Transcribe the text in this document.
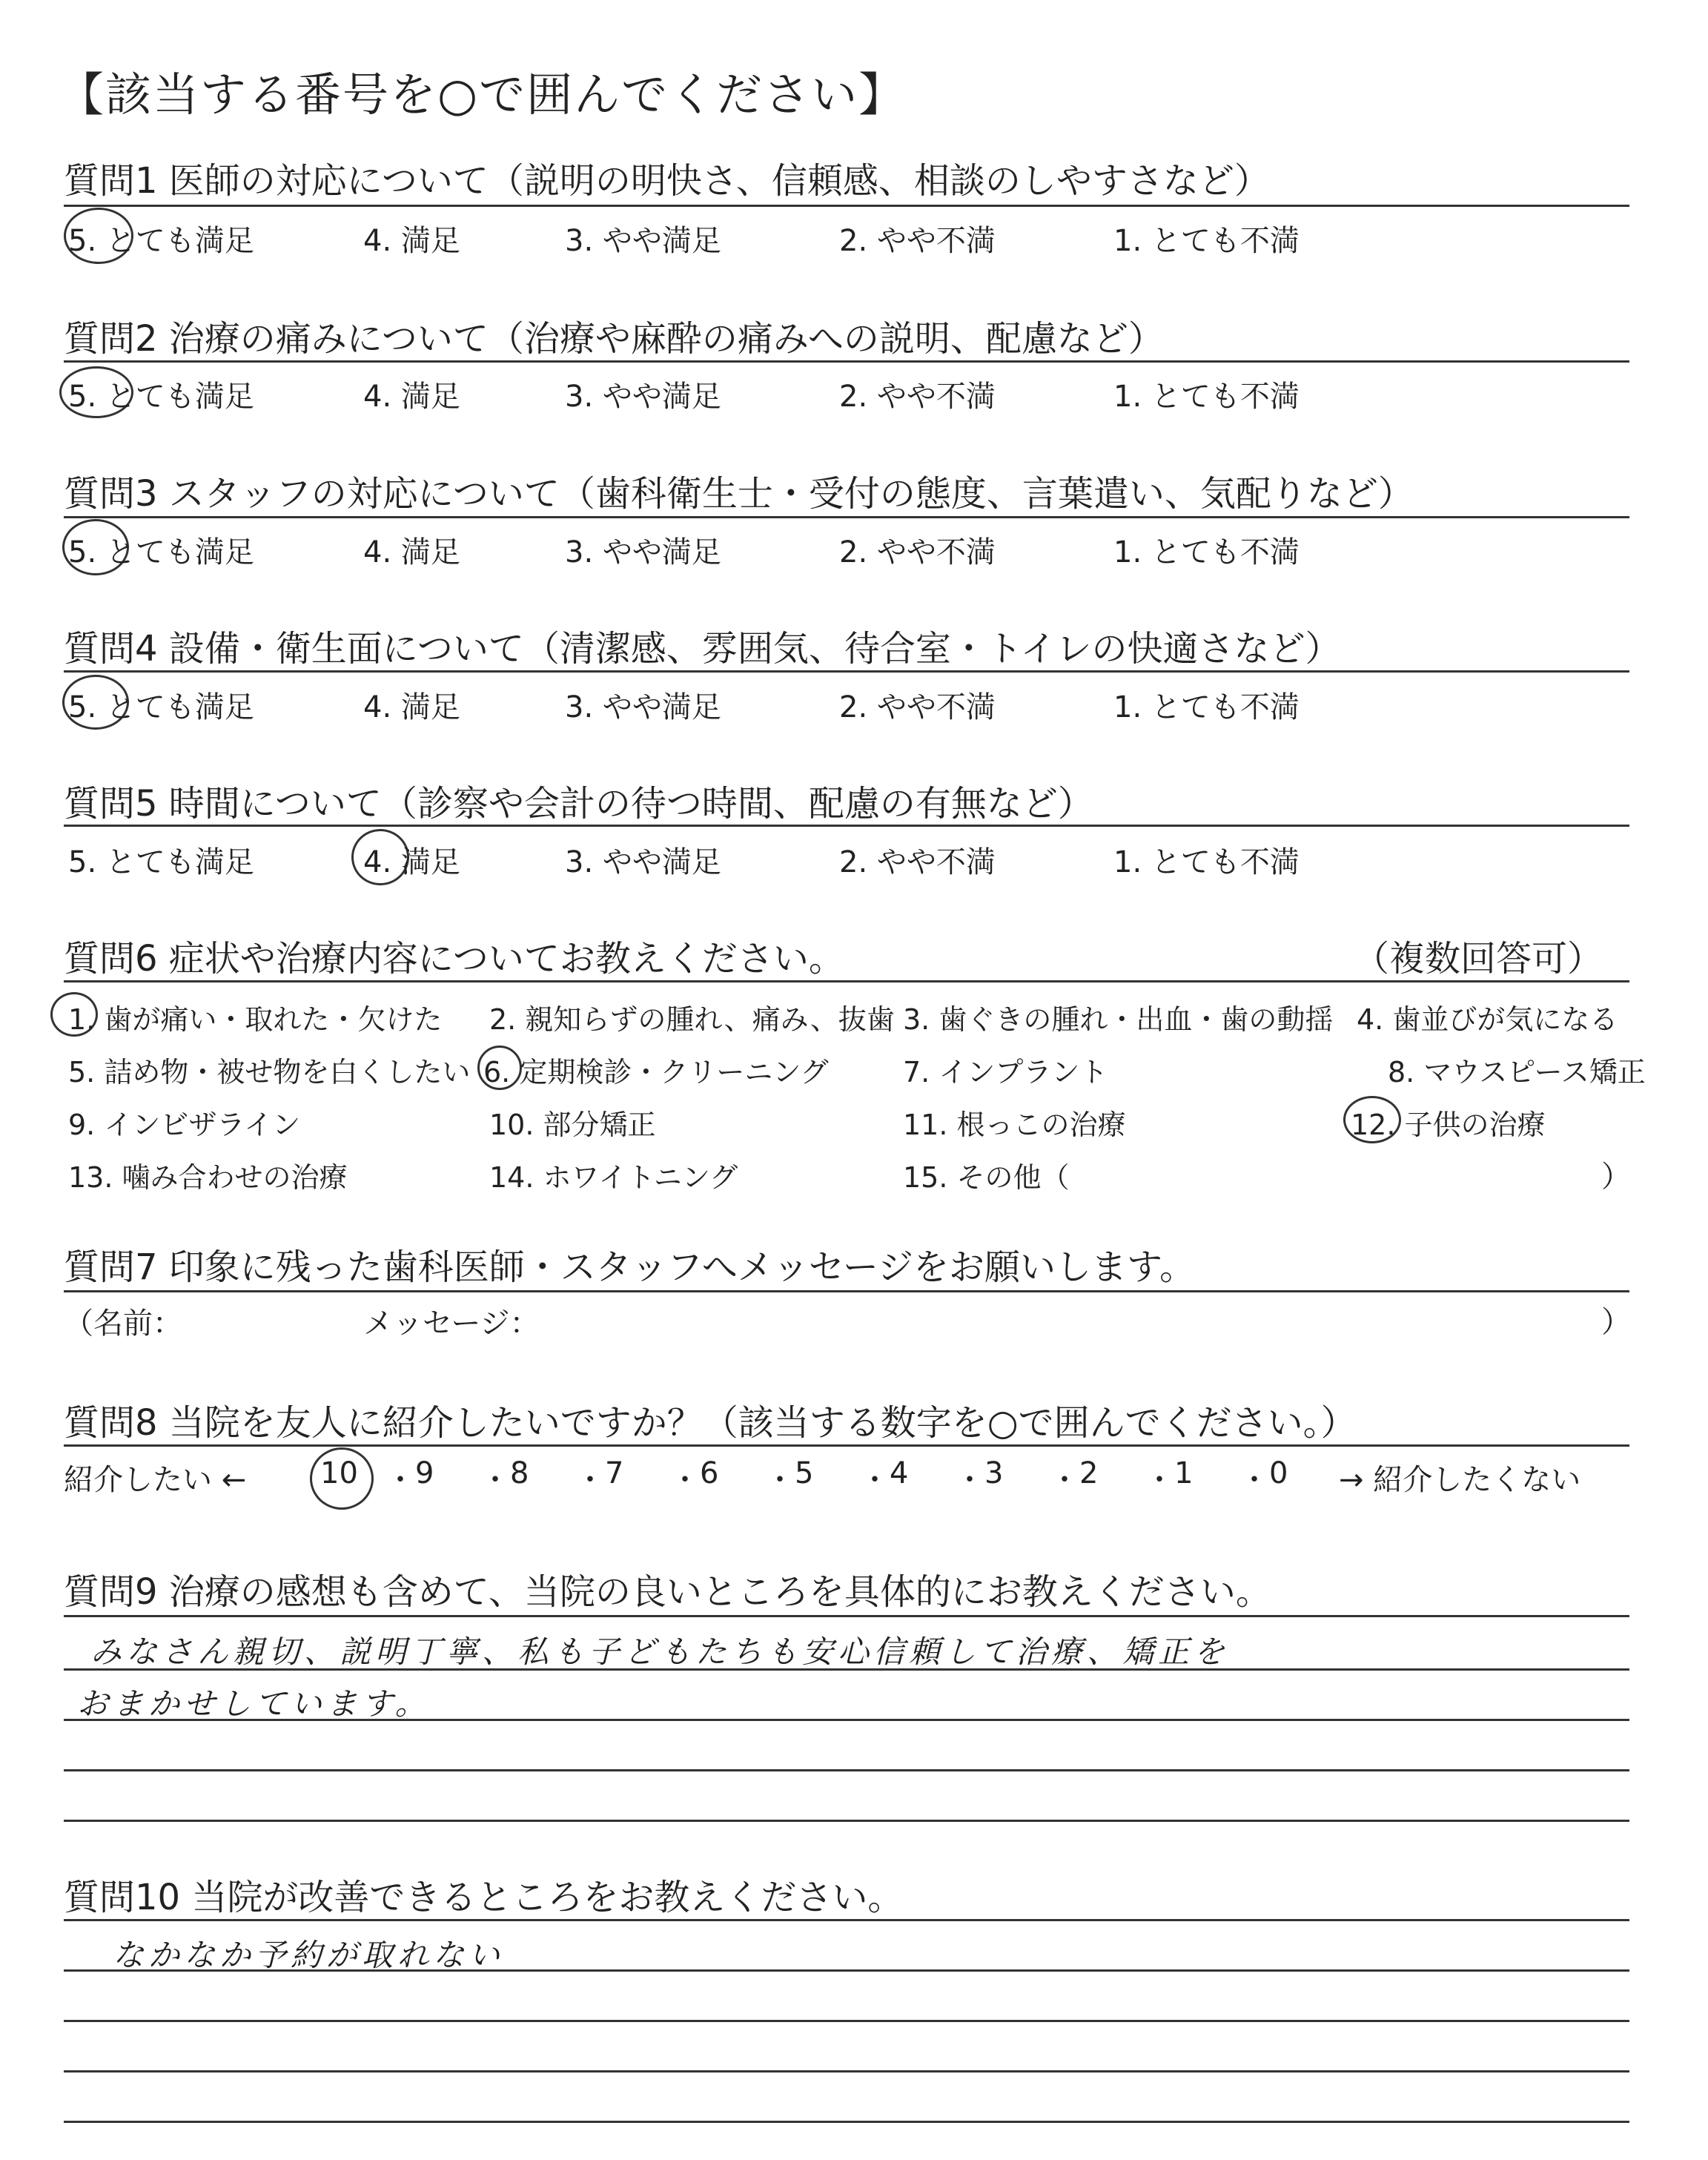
【該当する番号を○で囲んでください】
質問1 医師の対応について（説明の明快さ、信頼感、相談のしやすさなど）
5. とても満足	4. 満足	3. やや満足	2. やや不満	1. とても不満
質問2 治療の痛みについて（治療や麻酔の痛みへの説明、配慮など）
5. とても満足	4. 満足	3. やや満足	2. やや不満	1. とても不満
質問3 スタッフの対応について（歯科衛生士・受付の態度、言葉遣い、気配りなど）
5. とても満足	4. 満足	3. やや満足	2. やや不満	1. とても不満
質問4 設備・衛生面について（清潔感、雰囲気、待合室・トイレの快適さなど）
5. とても満足	4. 満足	3. やや満足	2. やや不満	1. とても不満
質問5 時間について（診察や会計の待つ時間、配慮の有無など）
5. とても満足	4. 満足	3. やや満足	2. やや不満	1. とても不満
質問6 症状や治療内容についてお教えください。	（複数回答可）
1. 歯が痛い・取れた・欠けた 2. 親知らずの腫れ、痛み、抜歯 3. 歯ぐきの腫れ・出血・歯の動揺 4. 歯並びが気になる
5. 詰め物・被せ物を白くしたい 6. 定期検診・クリーニング	7. インプラント	8. マウスピース矯正
9. インビザライン	10. 部分矯正	11. 根っこの治療	12. 子供の治療
13. 噛み合わせの治療	14. ホワイトニング	15. その他（	）
質問7 印象に残った歯科医師・スタッフへメッセージをお願いします。
（名前：	メッセージ：	）
質問8 当院を友人に紹介したいですか？（該当する数字を○で囲んでください。）
紹介したい ← 10 ・ 9 ・ 8 ・ 7 ・ 6 ・ 5 ・ 4 ・ 3 ・ 2 ・ 1 ・ 0 → 紹介したくない
質問9 治療の感想も含めて、当院の良いところを具体的にお教えください。
みなさん親切、説明丁寧、私も子どもたちも安心信頼して治療、矯正を
おまかせしています。
質問10 当院が改善できるところをお教えください。
なかなか予約が取れない
